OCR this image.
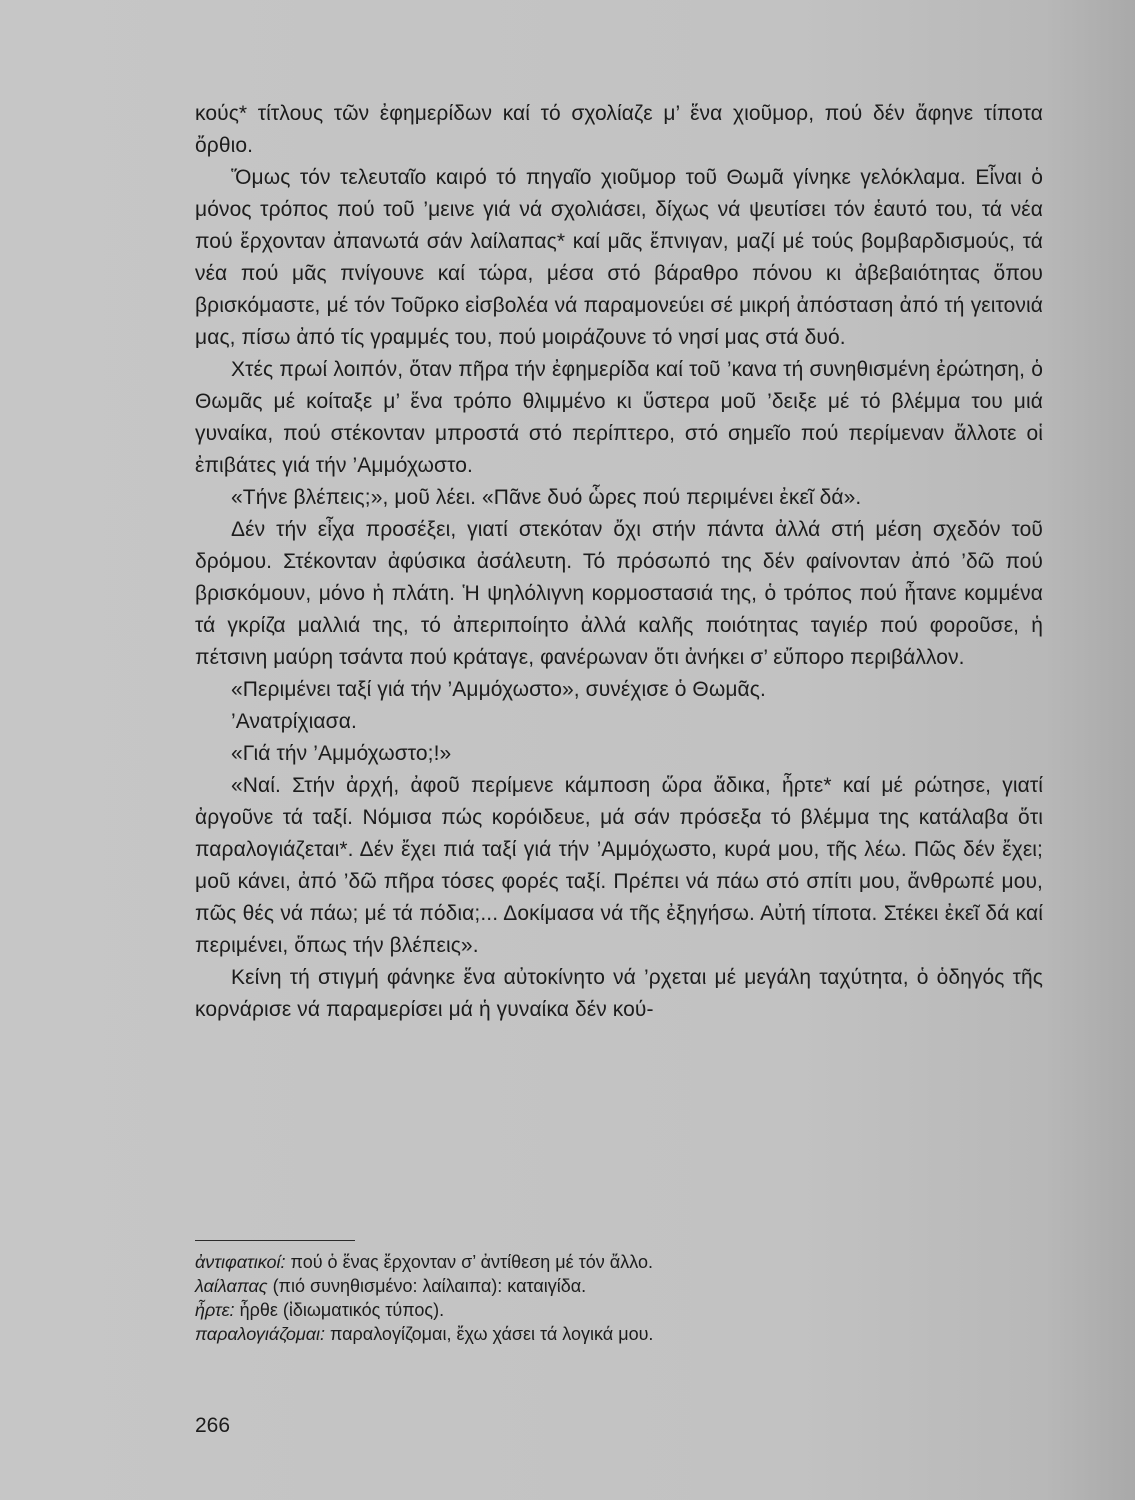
κούς* τίτλους τῶν ἐφημερίδων καί τό σχολίαζε μ’ ἕνα χιοῦμορ, πού δέν ἄφηνε τίποτα ὄρθιο.

Ὅμως τόν τελευταῖο καιρό τό πηγαῖο χιοῦμορ τοῦ Θωμᾶ γίνηκε γελόκλαμα. Εἶναι ὁ μόνος τρόπος πού τοῦ ’μεινε γιά νά σχολιάσει, δίχως νά ψευτίσει τόν ἑαυτό του, τά νέα πού ἔρχονταν ἀπανωτά σάν λαίλαπας* καί μᾶς ἔπνιγαν, μαζί μέ τούς βομβαρδισμούς, τά νέα πού μᾶς πνίγουνε καί τώρα, μέσα στό βάραθρο πόνου κι ἀβεβαιότητας ὅπου βρισκόμαστε, μέ τόν Τοῦρκο εἰσβολέα νά παραμονεύει σέ μικρή ἀπόσταση ἀπό τή γειτονιά μας, πίσω ἀπό τίς γραμμές του, πού μοιράζουνε τό νησί μας στά δυό.

Χτές πρωί λοιπόν, ὅταν πῆρα τήν ἐφημερίδα καί τοῦ ’κανα τή συνηθισμένη ἐρώτηση, ὁ Θωμᾶς μέ κοίταξε μ’ ἕνα τρόπο θλιμμένο κι ὕστερα μοῦ ’δειξε μέ τό βλέμμα του μιά γυναίκα, πού στέκονταν μπροστά στό περίπτερο, στό σημεῖο πού περίμεναν ἄλλοτε οἱ ἐπιβάτες γιά τήν ’Αμμόχωστο.

«Τήνε βλέπεις;», μοῦ λέει. «Πᾶνε δυό ὧρες πού περιμένει ἐκεῖ δά».

Δέν τήν εἶχα προσέξει, γιατί στεκόταν ὄχι στήν πάντα ἀλλά στή μέση σχεδόν τοῦ δρόμου. Στέκονταν ἀφύσικα ἀσάλευτη. Τό πρόσωπό της δέν φαίνονταν ἀπό ’δῶ πού βρισκόμουν, μόνο ἡ πλάτη. Ἡ ψηλόλιγνη κορμοστασιά της, ὁ τρόπος πού ἦτανε κομμένα τά γκρίζα μαλλιά της, τό ἀπεριποίητο ἀλλά καλῆς ποιότητας ταγιέρ πού φοροῦσε, ἡ πέτσινη μαύρη τσάντα πού κράταγε, φανέρωναν ὅτι ἀνήκει σ’ εὔπορο περιβάλλον.

«Περιμένει ταξί γιά τήν ’Αμμόχωστο», συνέχισε ὁ Θωμᾶς.

’Ανατρίχιασα.

«Γιά τήν ’Αμμόχωστο;!»

«Ναί. Στήν ἀρχή, ἀφοῦ περίμενε κάμποση ὥρα ἄδικα, ἦρτε* καί μέ ρώτησε, γιατί ἀργοῦνε τά ταξί. Νόμισα πώς κορόιδευε, μά σάν πρόσεξα τό βλέμμα της κατάλαβα ὅτι παραλογιάζεται*. Δέν ἔχει πιά ταξί γιά τήν ’Αμμόχωστο, κυρά μου, τῆς λέω. Πῶς δέν ἔχει; μοῦ κάνει, ἀπό ’δῶ πῆρα τόσες φορές ταξί. Πρέπει νά πάω στό σπίτι μου, ἄνθρωπέ μου, πῶς θές νά πάω; μέ τά πόδια;... Δοκίμασα νά τῆς ἐξηγήσω. Αὐτή τίποτα. Στέκει ἐκεῖ δά καί περιμένει, ὅπως τήν βλέπεις».

Κείνη τή στιγμή φάνηκε ἕνα αὐτοκίνητο νά ’ρχεται μέ μεγάλη ταχύτητα, ὁ ὁδηγός τῆς κορνάρισε νά παραμερίσει μά ἡ γυναίκα δέν κού-

ἀντιφατικοί: πού ὁ ἕνας ἔρχονταν σ’ ἀντίθεση μέ τόν ἄλλο.

λαίλαπας (πιό συνηθισμένο: λαίλαιπα): καταιγίδα.

ἦρτε: ἦρθε (ἰδιωματικός τύπος).

παραλογιάζομαι: παραλογίζομαι, ἔχω χάσει τά λογικά μου.

266
